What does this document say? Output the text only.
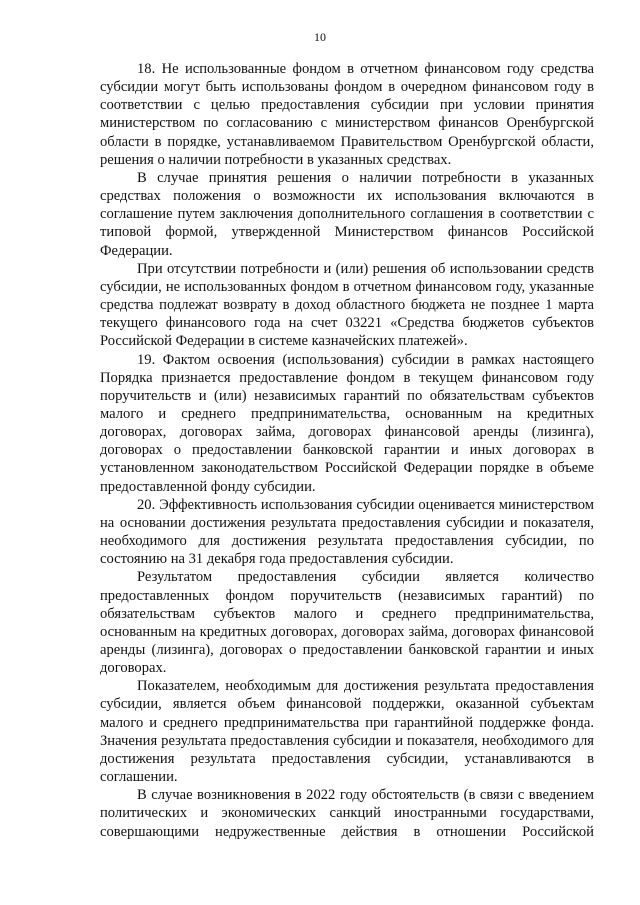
10

18. Не использованные фондом в отчетном финансовом году средства субсидии могут быть использованы фондом в очередном финансовом году в соответствии с целью предоставления субсидии при условии принятия министерством по согласованию с министерством финансов Оренбургской области в порядке, устанавливаемом Правительством Оренбургской области, решения о наличии потребности в указанных средствах.

В случае принятия решения о наличии потребности в указанных средствах положения о возможности их использования включаются в соглашение путем заключения дополнительного соглашения в соответствии с типовой формой, утвержденной Министерством финансов Российской Федерации.

При отсутствии потребности и (или) решения об использовании средств субсидии, не использованных фондом в отчетном финансовом году, указанные средства подлежат возврату в доход областного бюджета не позднее 1 марта текущего финансового года на счет 03221 «Средства бюджетов субъектов Российской Федерации в системе казначейских платежей».

19. Фактом освоения (использования) субсидии в рамках настоящего Порядка признается предоставление фондом в текущем финансовом году поручительств и (или) независимых гарантий по обязательствам субъектов малого и среднего предпринимательства, основанным на кредитных договорах, договорах займа, договорах финансовой аренды (лизинга), договорах о предоставлении банковской гарантии и иных договорах в установленном законодательством Российской Федерации порядке в объеме предоставленной фонду субсидии.

20. Эффективность использования субсидии оценивается министерством на основании достижения результата предоставления субсидии и показателя, необходимого для достижения результата предоставления субсидии, по состоянию на 31 декабря года предоставления субсидии.

Результатом предоставления субсидии является количество предоставленных фондом поручительств (независимых гарантий) по обязательствам субъектов малого и среднего предпринимательства, основанным на кредитных договорах, договорах займа, договорах финансовой аренды (лизинга), договорах о предоставлении банковской гарантии и иных договорах.

Показателем, необходимым для достижения результата предоставления субсидии, является объем финансовой поддержки, оказанной субъектам малого и среднего предпринимательства при гарантийной поддержке фонда. Значения результата предоставления субсидии и показателя, необходимого для достижения результата предоставления субсидии, устанавливаются в соглашении.

В случае возникновения в 2022 году обстоятельств (в связи с введением политических и экономических санкций иностранными государствами, совершающими недружественные действия в отношении Российской
